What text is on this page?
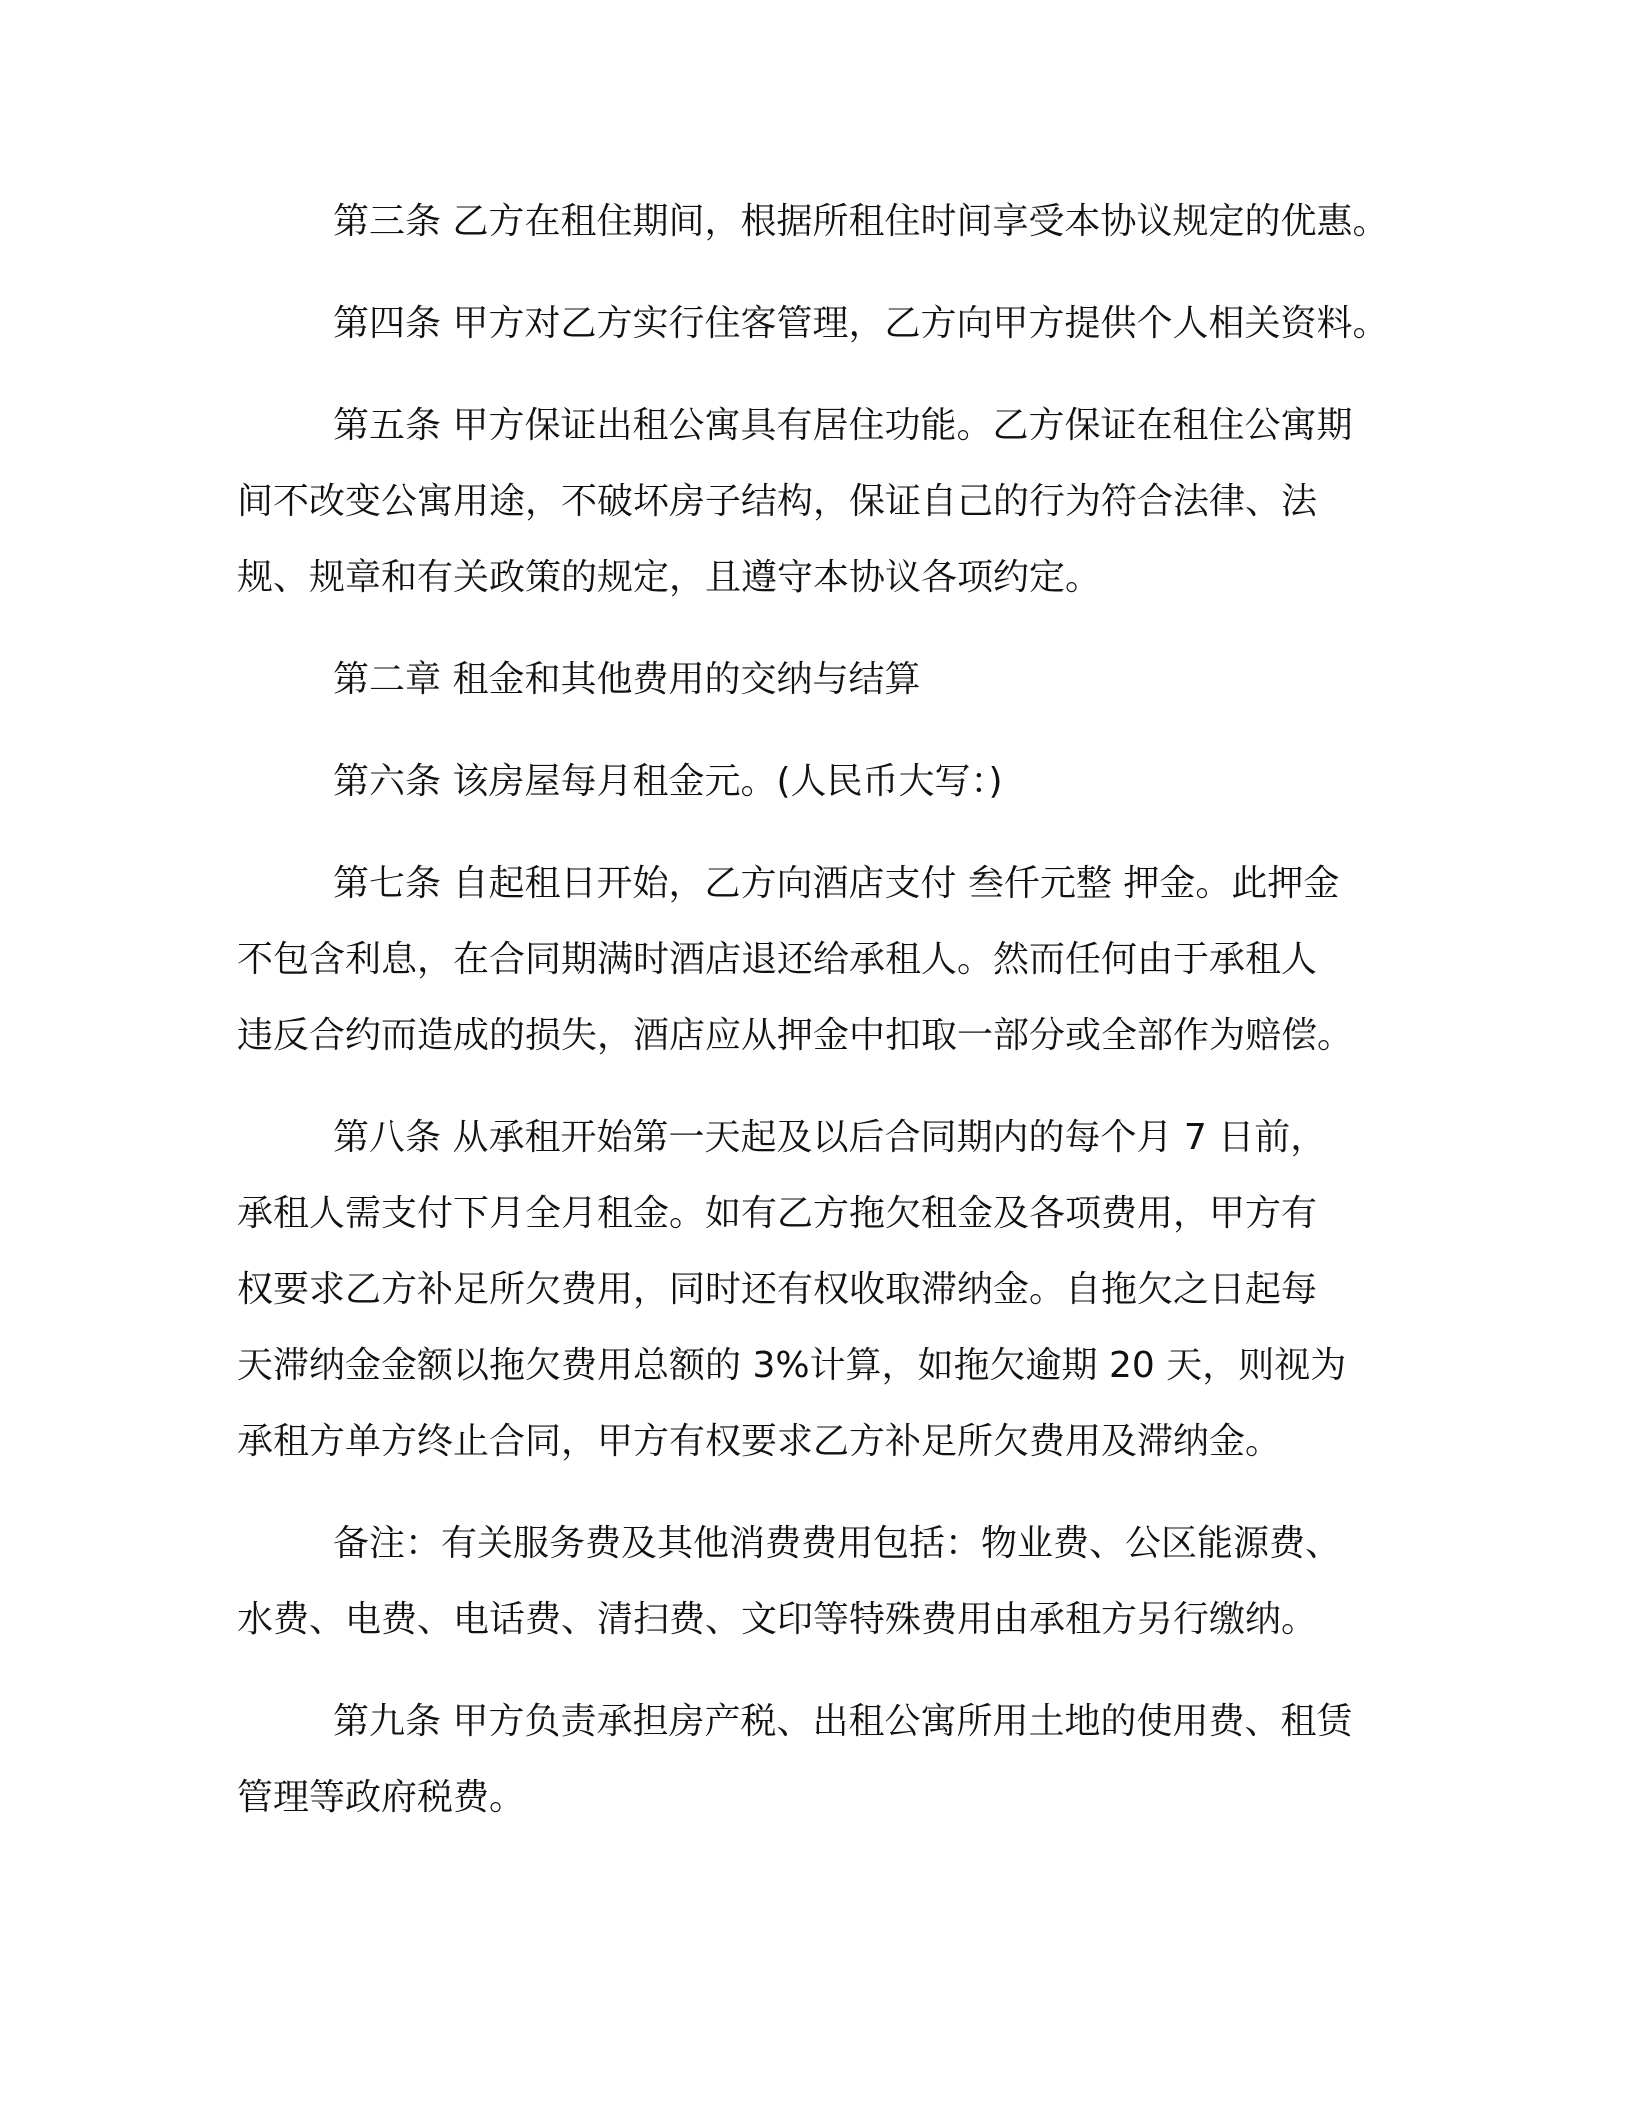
第三条 乙方在租住期间，根据所租住时间享受本协议规定的优惠。

第四条 甲方对乙方实行住客管理，乙方向甲方提供个人相关资料。

第五条 甲方保证出租公寓具有居住功能。乙方保证在租住公寓期
间不改变公寓用途，不破坏房子结构，保证自己的行为符合法律、法
规、规章和有关政策的规定，且遵守本协议各项约定。

第二章 租金和其他费用的交纳与结算

第六条 该房屋每月租金元。(人民币大写：)

第七条 自起租日开始，乙方向酒店支付 叁仟元整 押金。此押金
不包含利息，在合同期满时酒店退还给承租人。然而任何由于承租人
违反合约而造成的损失，酒店应从押金中扣取一部分或全部作为赔偿。

第八条 从承租开始第一天起及以后合同期内的每个月 7 日前，
承租人需支付下月全月租金。如有乙方拖欠租金及各项费用，甲方有
权要求乙方补足所欠费用，同时还有权收取滞纳金。自拖欠之日起每
天滞纳金金额以拖欠费用总额的 3%计算，如拖欠逾期 20 天，则视为
承租方单方终止合同，甲方有权要求乙方补足所欠费用及滞纳金。

备注：有关服务费及其他消费费用包括：物业费、公区能源费、
水费、电费、电话费、清扫费、文印等特殊费用由承租方另行缴纳。

第九条 甲方负责承担房产税、出租公寓所用土地的使用费、租赁
管理等政府税费。
